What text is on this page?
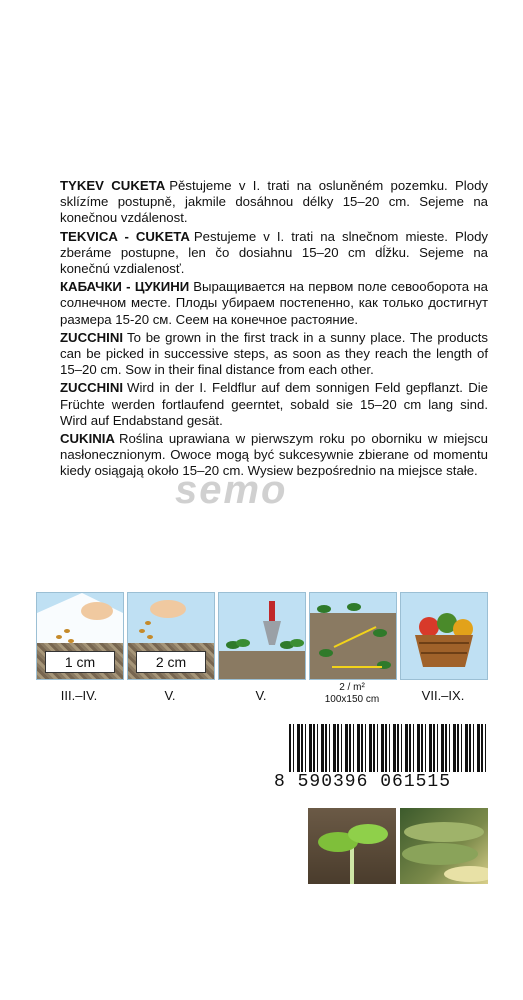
TYKEV CUKETA Pěstujeme v I. trati na osluněném pozemku. Plody sklízíme postupně, jakmile dosáhnou délky 15–20 cm. Sejeme na konečnou vzdálenost.

TEKVICA - CUKETA Pestujeme v I. trati na slnečnom mieste. Plody zberáme postupne, len čo dosiahnu 15–20 cm dĺžku. Sejeme na konečnú vzdialenosť.

КАБАЧКИ - ЦУКИНИ Выращивается на первом поле севооборота на солнечном месте. Плоды убираем постепенно, как только достигнут размера 15-20 см. Сеем на конечное растояние.

ZUCCHINI To be grown in the first track in a sunny place. The products can be picked in successive steps, as soon as they reach the length of 15–20 cm. Sow in their final distance from each other.

ZUCCHINI Wird in der I. Feldflur auf dem sonnigen Feld gepflanzt. Die Früchte werden fortlaufend geerntet, sobald sie 15–20 cm lang sind. Wird auf Endabstand gesät.

CUKINIA Roślina uprawiana w pierwszym roku po oborniku w miejscu nasłonecznionym. Owoce mogą być sukcesywnie zbierane od momentu kiedy osiągają około 15–20 cm. Wysiew bezpośrednio na miejsce stałe.

semo
1 cm
III.–IV.
2 cm
V.	V.
2 / m²
100x150 cm	VII.–IX.
8 590396 061515
